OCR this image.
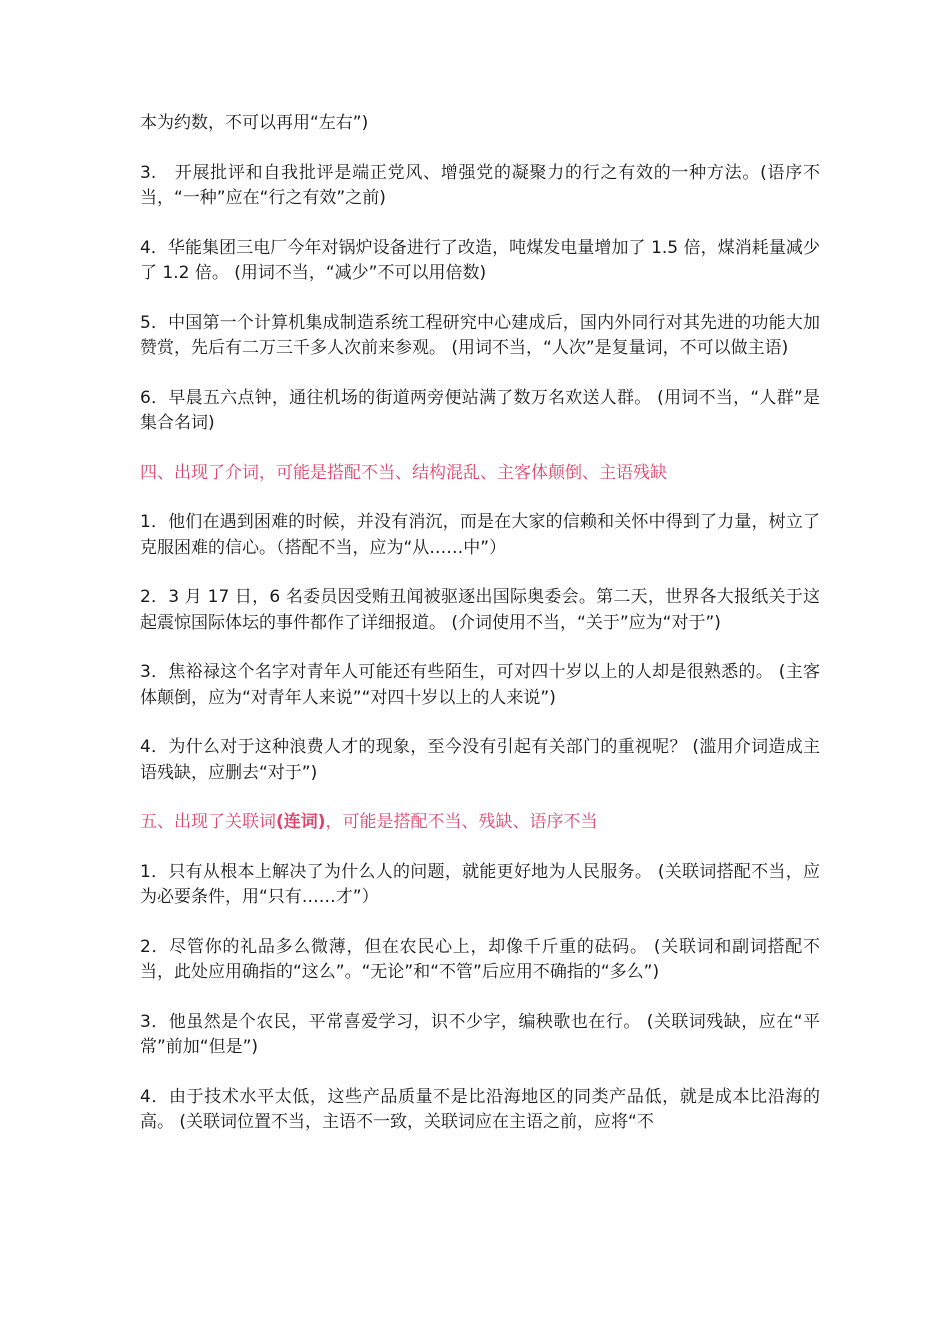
本为约数，不可以再用“左右”)

3.　开展批评和自我批评是端正党风、增强党的凝聚力的行之有效的一种方法。(语序不当，“一种”应在“行之有效”之前)

4．华能集团三电厂今年对锅炉设备进行了改造，吨煤发电量增加了 1.5 倍，煤消耗量减少了 1.2 倍。 (用词不当，“减少”不可以用倍数)

5．中国第一个计算机集成制造系统工程研究中心建成后，国内外同行对其先进的功能大加赞赏，先后有二万三千多人次前来参观。 (用词不当，“人次”是复量词，不可以做主语)

6．早晨五六点钟，通往机场的街道两旁便站满了数万名欢送人群。 (用词不当，“人群”是集合名词)

四、出现了介词，可能是搭配不当、结构混乱、主客体颠倒、主语残缺

1．他们在遇到困难的时候，并没有消沉，而是在大家的信赖和关怀中得到了力量，树立了克服困难的信心。（搭配不当，应为“从……中”）

2．3 月 17 日，6 名委员因受贿丑闻被驱逐出国际奥委会。第二天，世界各大报纸关于这起震惊国际体坛的事件都作了详细报道。 (介词使用不当，“关于”应为“对于”)

3．焦裕禄这个名字对青年人可能还有些陌生，可对四十岁以上的人却是很熟悉的。 (主客体颠倒，应为“对青年人来说”“对四十岁以上的人来说”)

4．为什么对于这种浪费人才的现象，至今没有引起有关部门的重视呢？ (滥用介词造成主语残缺，应删去“对于”)

五、出现了关联词(连词)，可能是搭配不当、残缺、语序不当

1．只有从根本上解决了为什么人的问题，就能更好地为人民服务。 (关联词搭配不当，应为必要条件，用“只有……才”）

2．尽管你的礼品多么微薄，但在农民心上，却像千斤重的砝码。 (关联词和副词搭配不当，此处应用确指的“这么”。“无论”和“不管”后应用不确指的“多么”)

3．他虽然是个农民，平常喜爱学习，识不少字，编秧歌也在行。 (关联词残缺，应在“平常”前加“但是”)

4．由于技术水平太低，这些产品质量不是比沿海地区的同类产品低，就是成本比沿海的高。 (关联词位置不当，主语不一致，关联词应在主语之前，应将“不
